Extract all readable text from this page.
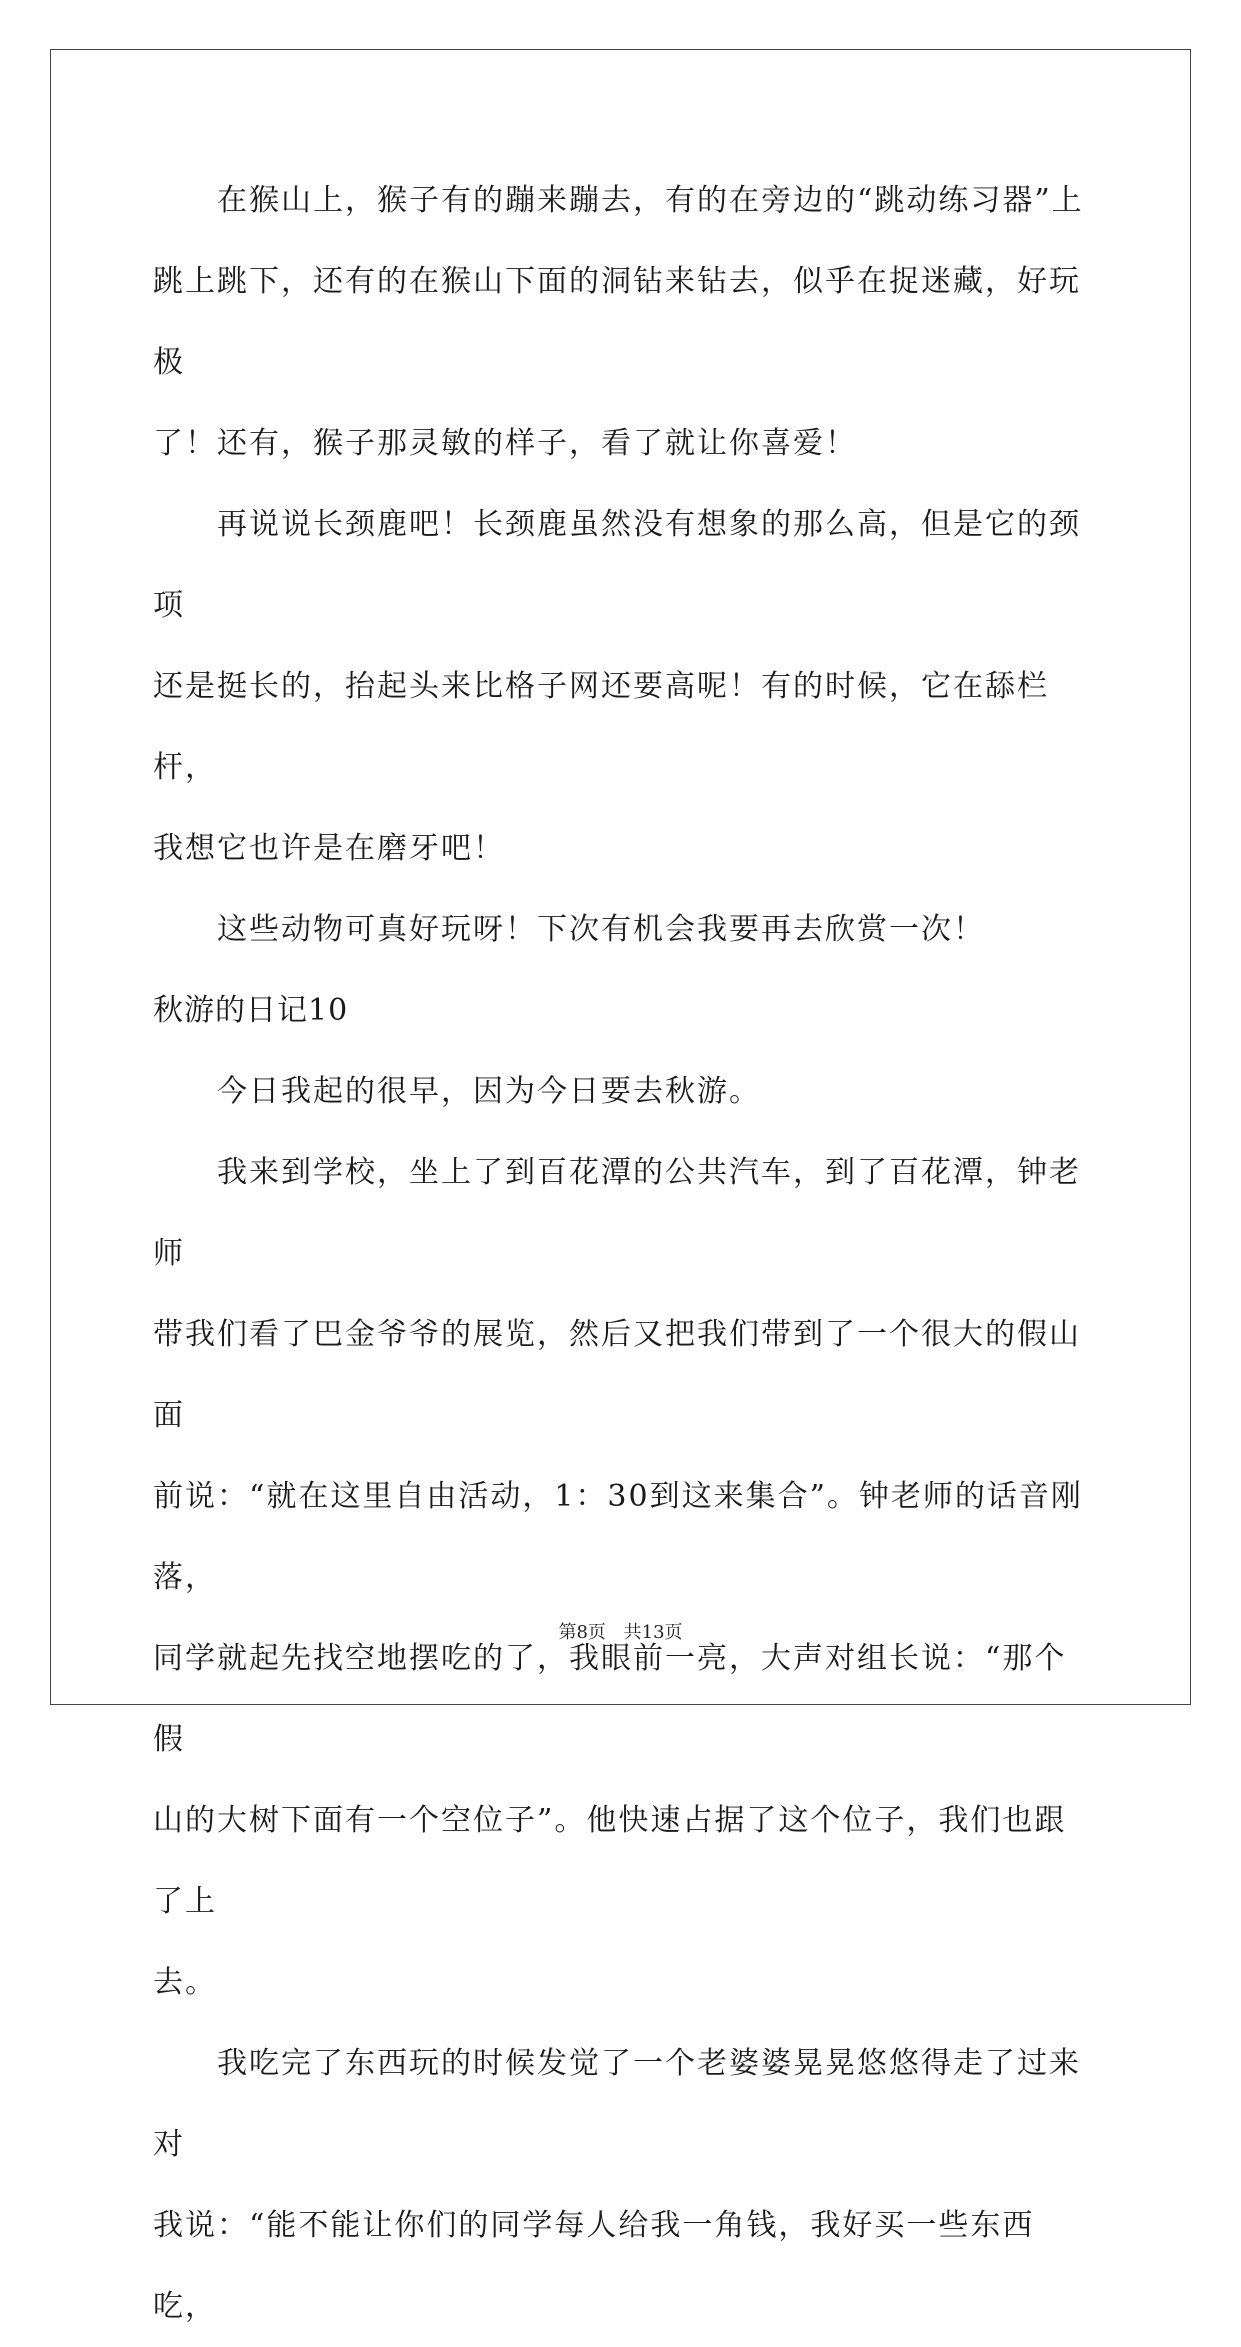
在猴山上，猴子有的蹦来蹦去，有的在旁边的“跳动练习器”上
跳上跳下，还有的在猴山下面的洞钻来钻去，似乎在捉迷藏，好玩极
了！还有，猴子那灵敏的样子，看了就让你喜爱！

再说说长颈鹿吧！长颈鹿虽然没有想象的那么高，但是它的颈项
还是挺长的，抬起头来比格子网还要高呢！有的时候，它在舔栏杆，
我想它也许是在磨牙吧！

这些动物可真好玩呀！下次有机会我要再去欣赏一次！

秋游的日记10

今日我起的很早，因为今日要去秋游。

我来到学校，坐上了到百花潭的公共汽车，到了百花潭，钟老师
带我们看了巴金爷爷的展览，然后又把我们带到了一个很大的假山面
前说：“就在这里自由活动，1：30到这来集合”。钟老师的话音刚落，
同学就起先找空地摆吃的了，我眼前一亮，大声对组长说：“那个假
山的大树下面有一个空位子”。他快速占据了这个位子，我们也跟了上
去。

我吃完了东西玩的时候发觉了一个老婆婆晃晃悠悠得走了过来对
我说：“能不能让你们的同学每人给我一角钱，我好买一些东西吃，

第8页 共13页
